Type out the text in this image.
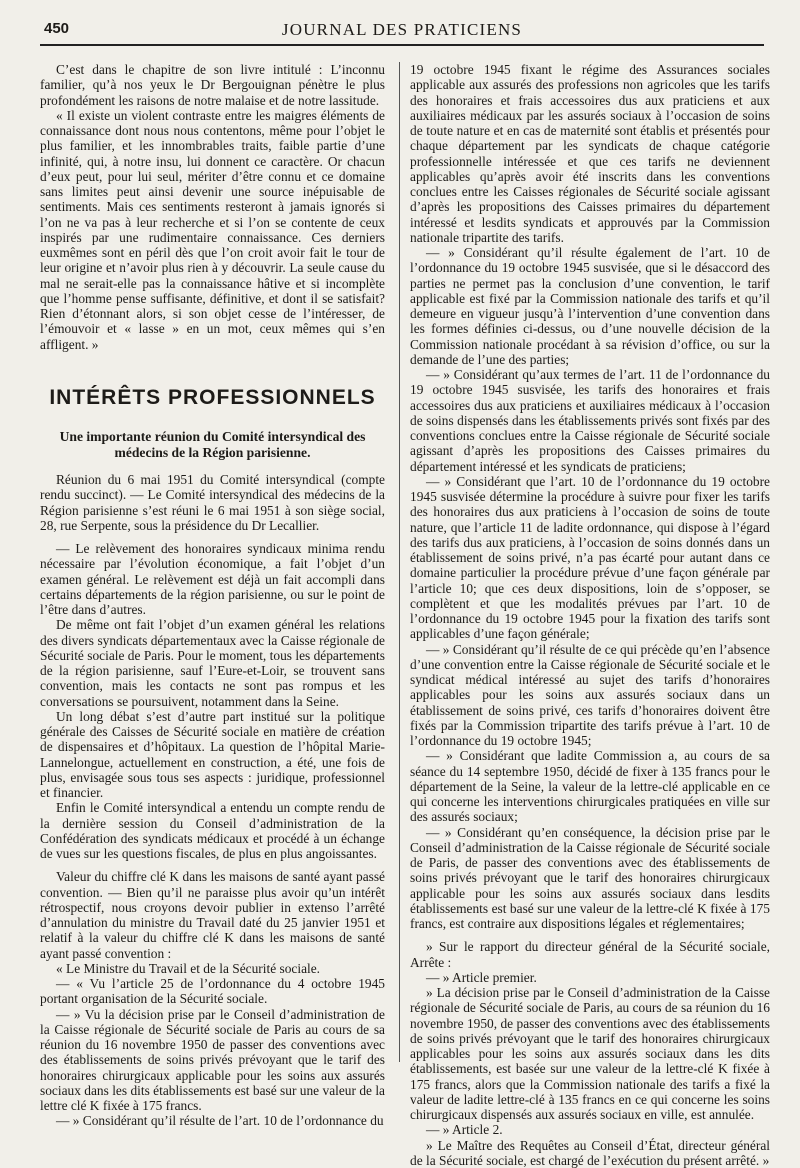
450	JOURNAL DES PRATICIENS

C’est dans le chapitre de son livre intitulé : L’inconnu familier, qu’à nos yeux le Dr Bergouignan pénètre le plus profondément les raisons de notre malaise et de notre lassitude.

« Il existe un violent contraste entre les maigres éléments de connaissance dont nous nous contentons, même pour l’objet le plus familier, et les innombrables traits, faible partie d’une infinité, qui, à notre insu, lui donnent ce caractère. Or chacun d’eux peut, pour lui seul, mériter d’être connu et ce domaine sans limites peut ainsi devenir une source inépuisable de sentiments. Mais ces sentiments resteront à jamais ignorés si l’on ne va pas à leur recherche et si l’on se contente de ceux inspirés par une rudimentaire connaissance. Ces derniers euxmêmes sont en péril dès que l’on croit avoir fait le tour de leur origine et n’avoir plus rien à y découvrir. La seule cause du mal ne serait-elle pas la connaissance hâtive et si incomplète que l’homme pense suffisante, définitive, et dont il se satisfait? Rien d’étonnant alors, si son objet cesse de l’intéresser, de l’émouvoir et « lasse » en un mot, ceux mêmes qui s’en affligent. »

INTÉRÊTS PROFESSIONNELS
Une importante réunion du Comité intersyndical des médecins de la Région parisienne.

Réunion du 6 mai 1951 du Comité intersyndical (compte rendu succinct). — Le Comité intersyndical des médecins de la Région parisienne s’est réuni le 6 mai 1951 à son siège social, 28, rue Serpente, sous la présidence du Dr Lecallier.

— Le relèvement des honoraires syndicaux minima rendu nécessaire par l’évolution économique, a fait l’objet d’un examen général. Le relèvement est déjà un fait accompli dans certains départements de la région parisienne, ou sur le point de l’être dans d’autres.

De même ont fait l’objet d’un examen général les relations des divers syndicats départementaux avec la Caisse régionale de Sécurité sociale de Paris. Pour le moment, tous les départements de la région parisienne, sauf l’Eure-et-Loir, se trouvent sans convention, mais les contacts ne sont pas rompus et les conversations se poursuivent, notamment dans la Seine.

Un long débat s’est d’autre part institué sur la politique générale des Caisses de Sécurité sociale en matière de création de dispensaires et d’hôpitaux. La question de l’hôpital Marie-Lannelongue, actuellement en construction, a été, une fois de plus, envisagée sous tous ses aspects : juridique, professionnel et financier.

Enfin le Comité intersyndical a entendu un compte rendu de la dernière session du Conseil d’administration de la Confédération des syndicats médicaux et procédé à un échange de vues sur les questions fiscales, de plus en plus angoissantes.

Valeur du chiffre clé K dans les maisons de santé ayant passé convention. — Bien qu’il ne paraisse plus avoir qu’un intérêt rétrospectif, nous croyons devoir publier in extenso l’arrêté d’annulation du ministre du Travail daté du 25 janvier 1951 et relatif à la valeur du chiffre clé K dans les maisons de santé ayant passé convention :

« Le Ministre du Travail et de la Sécurité sociale.

— « Vu l’article 25 de l’ordonnance du 4 octobre 1945 portant organisation de la Sécurité sociale.

— » Vu la décision prise par le Conseil d’administration de la Caisse régionale de Sécurité sociale de Paris au cours de sa réunion du 16 novembre 1950 de passer des conventions avec des établissements de soins privés prévoyant que le tarif des honoraires chirurgicaux applicable pour les soins aux assurés sociaux dans les dits établissements est basé sur une valeur de la lettre clé K fixée à 175 francs.

— » Considérant qu’il résulte de l’art. 10 de l’ordonnance du

19 octobre 1945 fixant le régime des Assurances sociales applicable aux assurés des professions non agricoles que les tarifs des honoraires et frais accessoires dus aux praticiens et aux auxiliaires médicaux par les assurés sociaux à l’occasion de soins de toute nature et en cas de maternité sont établis et présentés pour chaque département par les syndicats de chaque catégorie professionnelle intéressée et que ces tarifs ne deviennent applicables qu’après avoir été inscrits dans les conventions conclues entre les Caisses régionales de Sécurité sociale agissant d’après les propositions des Caisses primaires du département intéressé et lesdits syndicats et approuvés par la Commission nationale tripartite des tarifs.

— » Considérant qu’il résulte également de l’art. 10 de l’ordonnance du 19 octobre 1945 susvisée, que si le désaccord des parties ne permet pas la conclusion d’une convention, le tarif applicable est fixé par la Commission nationale des tarifs et qu’il demeure en vigueur jusqu’à l’intervention d’une convention dans les formes définies ci-dessus, ou d’une nouvelle décision de la Commission nationale procédant à sa révision d’office, ou sur la demande de l’une des parties;

— » Considérant qu’aux termes de l’art. 11 de l’ordonnance du 19 octobre 1945 susvisée, les tarifs des honoraires et frais accessoires dus aux praticiens et auxiliaires médicaux à l’occasion de soins dispensés dans les établissements privés sont fixés par des conventions conclues entre la Caisse régionale de Sécurité sociale agissant d’après les propositions des Caisses primaires du département intéressé et les syndicats de praticiens;

— » Considérant que l’art. 10 de l’ordonnance du 19 octobre 1945 susvisée détermine la procédure à suivre pour fixer les tarifs des honoraires dus aux praticiens à l’occasion de soins de toute nature, que l’article 11 de ladite ordonnance, qui dispose à l’égard des tarifs dus aux praticiens, à l’occasion de soins donnés dans un établissement de soins privé, n’a pas écarté pour autant dans ce domaine particulier la procédure prévue d’une façon générale par l’article 10; que ces deux dispositions, loin de s’opposer, se complètent et que les modalités prévues par l’art. 10 de l’ordonnance du 19 octobre 1945 pour la fixation des tarifs sont applicables d’une façon générale;

— » Considérant qu’il résulte de ce qui précède qu’en l’absence d’une convention entre la Caisse régionale de Sécurité sociale et le syndicat médical intéressé au sujet des tarifs d’honoraires applicables pour les soins aux assurés sociaux dans un établissement de soins privé, ces tarifs d’honoraires doivent être fixés par la Commission tripartite des tarifs prévue à l’art. 10 de l’ordonnance du 19 octobre 1945;

— » Considérant que ladite Commission a, au cours de sa séance du 14 septembre 1950, décidé de fixer à 135 francs pour le département de la Seine, la valeur de la lettre-clé applicable en ce qui concerne les interventions chirurgicales pratiquées en ville sur des assurés sociaux;

— » Considérant qu’en conséquence, la décision prise par le Conseil d’administration de la Caisse régionale de Sécurité sociale de Paris, de passer des conventions avec des établissements de soins privés prévoyant que le tarif des honoraires chirurgicaux applicable pour les soins aux assurés sociaux dans lesdits établissements est basé sur une valeur de la lettre-clé K fixée à 175 francs, est contraire aux dispositions légales et réglementaires;

» Sur le rapport du directeur général de la Sécurité sociale, Arrête :

— » Article premier.

» La décision prise par le Conseil d’administration de la Caisse régionale de Sécurité sociale de Paris, au cours de sa réunion du 16 novembre 1950, de passer des conventions avec des établissements de soins privés prévoyant que le tarif des honoraires chirurgicaux applicables pour les soins aux assurés sociaux dans les dits établissements, est basée sur une valeur de la lettre-clé K fixée à 175 francs, alors que la Commission nationale des tarifs a fixé la valeur de ladite lettre-clé à 135 francs en ce qui concerne les soins chirurgicaux dispensés aux assurés sociaux en ville, est annulée.

— » Article 2.

» Le Maître des Requêtes au Conseil d’État, directeur général de la Sécurité sociale, est chargé de l’exécution du présent arrêté. »
